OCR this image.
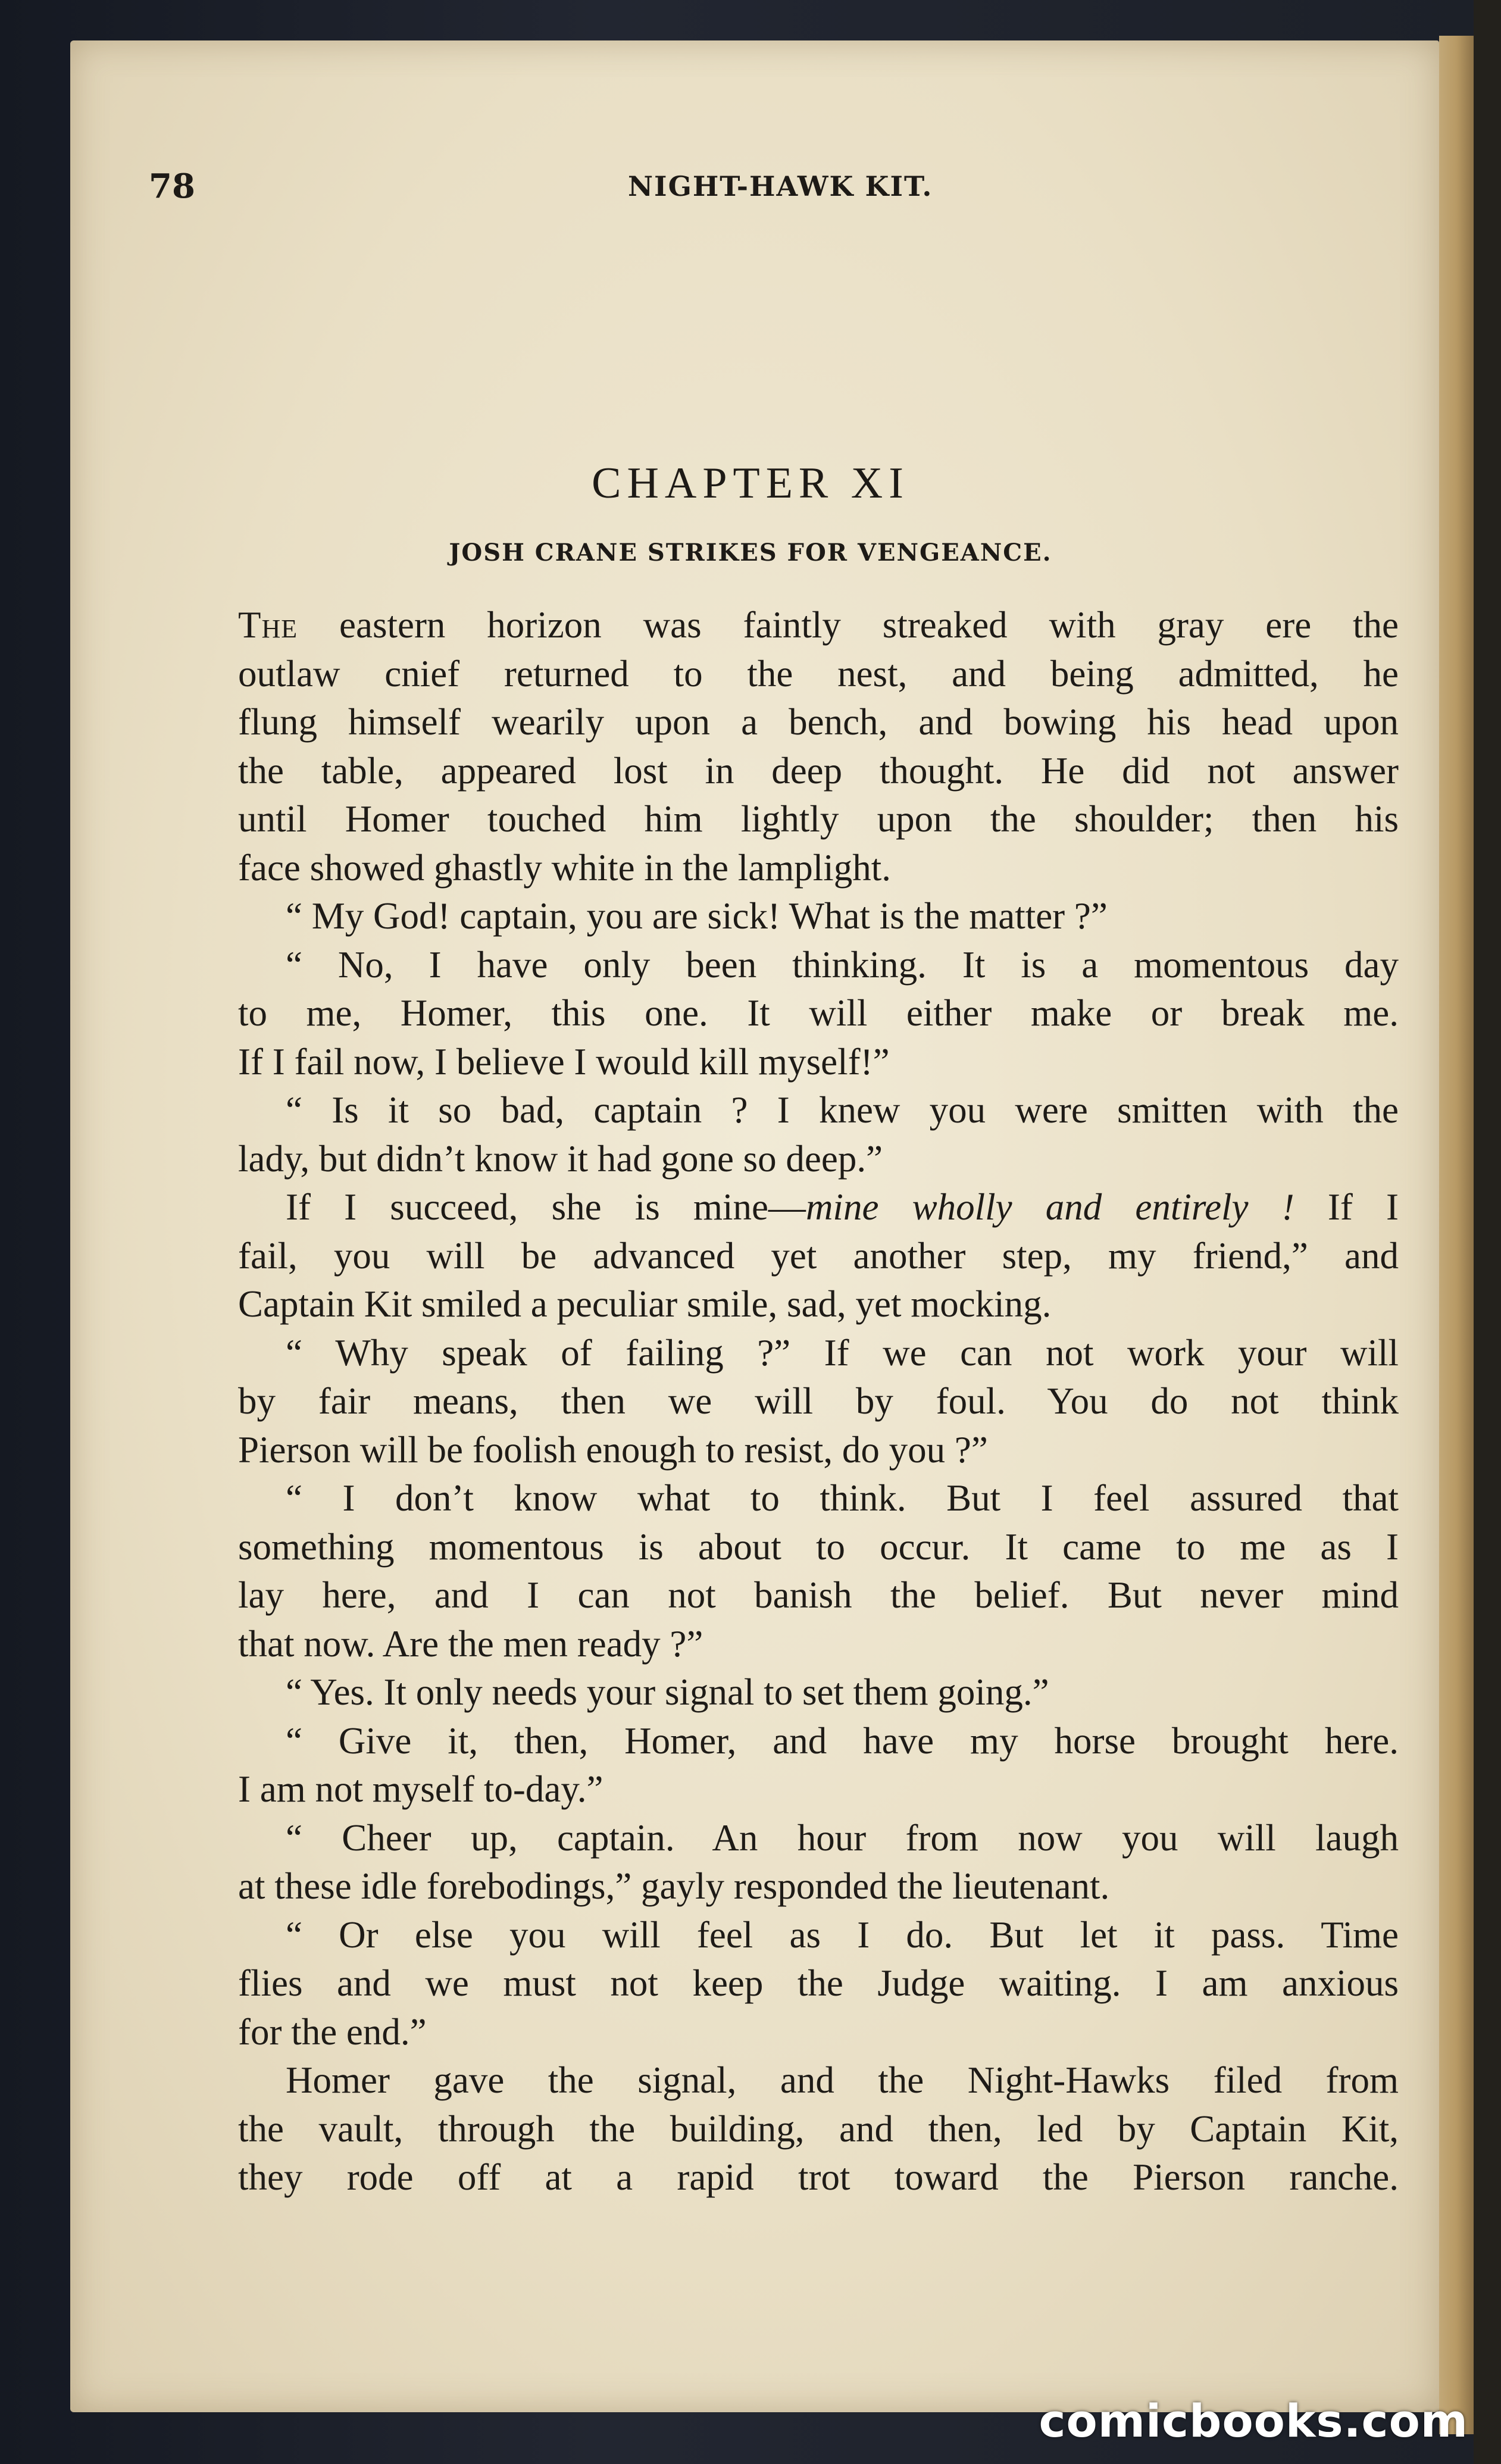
78	NIGHT-HAWK KIT.
CHAPTER XI
JOSH CRANE STRIKES FOR VENGEANCE.
The eastern horizon was faintly streaked with gray ere the
outlaw cnief returned to the nest, and being admitted, he
flung himself wearily upon a bench, and bowing his head upon
the table, appeared lost in deep thought. He did not answer
until Homer touched him lightly upon the shoulder; then his
face showed ghastly white in the lamplight.
“ My God! captain, you are sick! What is the matter ?”
“ No, I have only been thinking. It is a momentous day
to me, Homer, this one. It will either make or break me.
If I fail now, I believe I would kill myself!”
“ Is it so bad, captain ? I knew you were smitten with the
lady, but didn’t know it had gone so deep.”
If I succeed, she is mine—mine wholly and entirely ! If I
fail, you will be advanced yet another step, my friend,” and
Captain Kit smiled a peculiar smile, sad, yet mocking.
“ Why speak of failing ?” If we can not work your will
by fair means, then we will by foul. You do not think
Pierson will be foolish enough to resist, do you ?”
“ I don’t know what to think. But I feel assured that
something momentous is about to occur. It came to me as I
lay here, and I can not banish the belief. But never mind
that now. Are the men ready ?”
“ Yes. It only needs your signal to set them going.”
“ Give it, then, Homer, and have my horse brought here.
I am not myself to-day.”
“ Cheer up, captain. An hour from now you will laugh
at these idle forebodings,” gayly responded the lieutenant.
“ Or else you will feel as I do. But let it pass. Time
flies and we must not keep the Judge waiting. I am anxious
for the end.”
Homer gave the signal, and the Night-Hawks filed from
the vault, through the building, and then, led by Captain Kit,
they rode off at a rapid trot toward the Pierson ranche.
comicbooks.com
